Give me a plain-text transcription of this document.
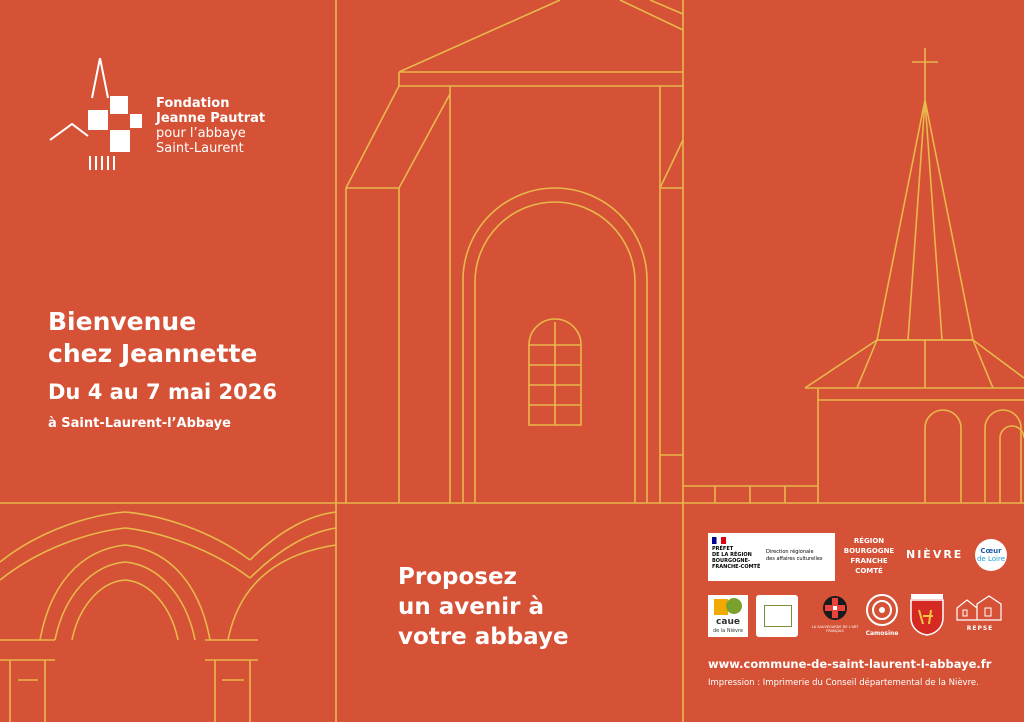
Fondation
Jeanne Pautrat
pour l’abbaye
Saint-Laurent
Bienvenue
chez Jeannette
Du 4 au 7 mai 2026
à Saint-Laurent-l’Abbaye
Proposez
un avenir à
votre abbaye
PRÉFET
DE LA RÉGION
BOURGOGNE-
FRANCHE-COMTÉ
Direction régionale
des affaires culturelles
RÉGION
BOURGOGNE
FRANCHE
COMTÉ
NIÈVRE	Cœur
de Loire
caue
de la Nièvre
LA SAUVEGARDE DE L'ART FRANÇAIS	Camosine
REPSE
www.commune-de-saint-laurent-l-abbaye.fr
Impression : Imprimerie du Conseil départemental de la Nièvre.
